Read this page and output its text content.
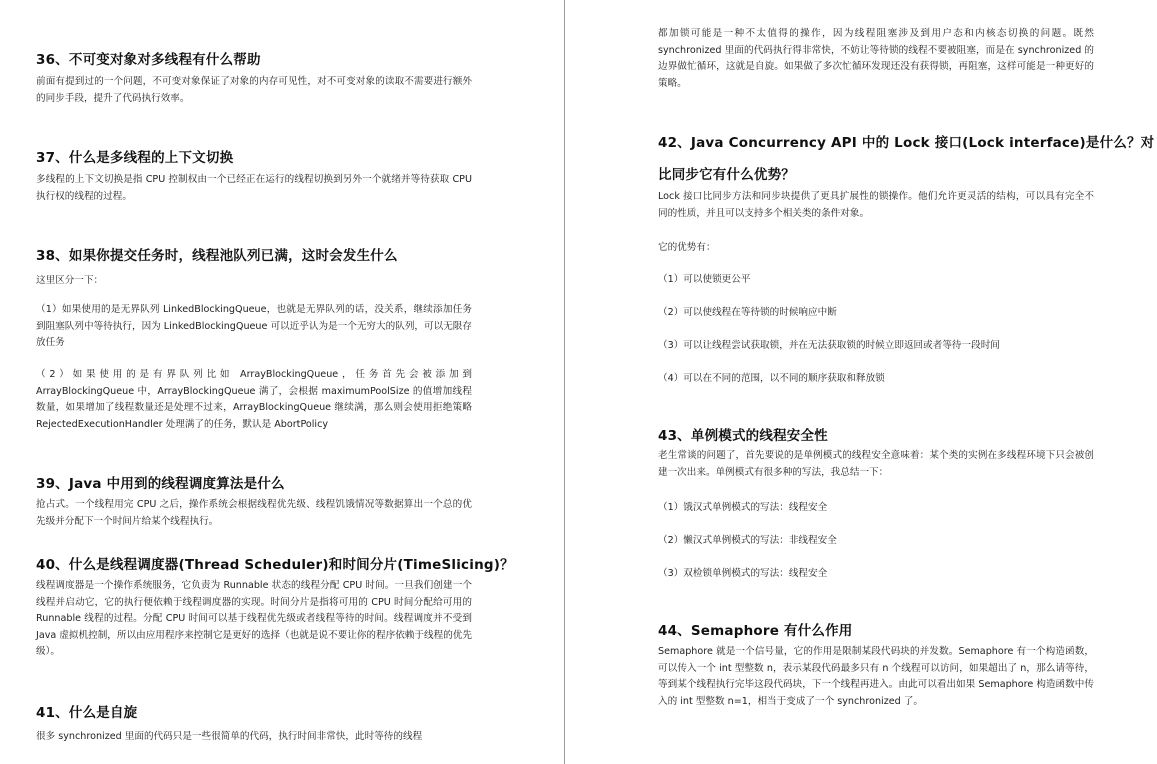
36、不可变对象对多线程有什么帮助
前面有提到过的一个问题，不可变对象保证了对象的内存可见性，对不可变对象的读取不需要进行额外的同步手段，提升了代码执行效率。
37、什么是多线程的上下文切换
多线程的上下文切换是指 CPU 控制权由一个已经正在运行的线程切换到另外一个就绪并等待获取 CPU 执行权的线程的过程。
38、如果你提交任务时，线程池队列已满，这时会发生什么
这里区分一下：
（1）如果使用的是无界队列 LinkedBlockingQueue，也就是无界队列的话，没关系，继续添加任务到阻塞队列中等待执行，因为 LinkedBlockingQueue 可以近乎认为是一个无穷大的队列，可以无限存放任务
（2）如果使用的是有界队列比如 ArrayBlockingQueue，任务首先会被添加到 ArrayBlockingQueue 中，ArrayBlockingQueue 满了，会根据 maximumPoolSize 的值增加线程数量，如果增加了线程数量还是处理不过来，ArrayBlockingQueue 继续满，那么则会使用拒绝策略 RejectedExecutionHandler 处理满了的任务，默认是 AbortPolicy
39、Java 中用到的线程调度算法是什么
抢占式。一个线程用完 CPU 之后，操作系统会根据线程优先级、线程饥饿情况等数据算出一个总的优先级并分配下一个时间片给某个线程执行。
40、什么是线程调度器(Thread Scheduler)和时间分片(TimeSlicing)？
线程调度器是一个操作系统服务，它负责为 Runnable 状态的线程分配 CPU 时间。一旦我们创建一个线程并启动它，它的执行便依赖于线程调度器的实现。时间分片是指将可用的 CPU 时间分配给可用的 Runnable 线程的过程。分配 CPU 时间可以基于线程优先级或者线程等待的时间。线程调度并不受到 Java 虚拟机控制，所以由应用程序来控制它是更好的选择（也就是说不要让你的程序依赖于线程的优先级）。
41、什么是自旋
很多 synchronized 里面的代码只是一些很简单的代码，执行时间非常快，此时等待的线程
都加锁可能是一种不太值得的操作，因为线程阻塞涉及到用户态和内核态切换的问题。既然 synchronized 里面的代码执行得非常快，不妨让等待锁的线程不要被阻塞，而是在 synchronized 的边界做忙循环，这就是自旋。如果做了多次忙循环发现还没有获得锁，再阻塞，这样可能是一种更好的策略。
42、Java Concurrency API 中的 Lock 接口(Lock interface)是什么？对
比同步它有什么优势？
Lock 接口比同步方法和同步块提供了更具扩展性的锁操作。他们允许更灵活的结构，可以具有完全不同的性质，并且可以支持多个相关类的条件对象。
它的优势有：
（1）可以使锁更公平
（2）可以使线程在等待锁的时候响应中断
（3）可以让线程尝试获取锁，并在无法获取锁的时候立即返回或者等待一段时间
（4）可以在不同的范围，以不同的顺序获取和释放锁
43、单例模式的线程安全性
老生常谈的问题了，首先要说的是单例模式的线程安全意味着：某个类的实例在多线程环境下只会被创建一次出来。单例模式有很多种的写法，我总结一下：
（1）饿汉式单例模式的写法：线程安全
（2）懒汉式单例模式的写法：非线程安全
（3）双检锁单例模式的写法：线程安全
44、Semaphore 有什么作用
Semaphore 就是一个信号量，它的作用是限制某段代码块的并发数。Semaphore 有一个构造函数，可以传入一个 int 型整数 n，表示某段代码最多只有 n 个线程可以访问，如果超出了 n，那么请等待，等到某个线程执行完毕这段代码块，下一个线程再进入。由此可以看出如果 Semaphore 构造函数中传入的 int 型整数 n=1，相当于变成了一个 synchronized 了。
